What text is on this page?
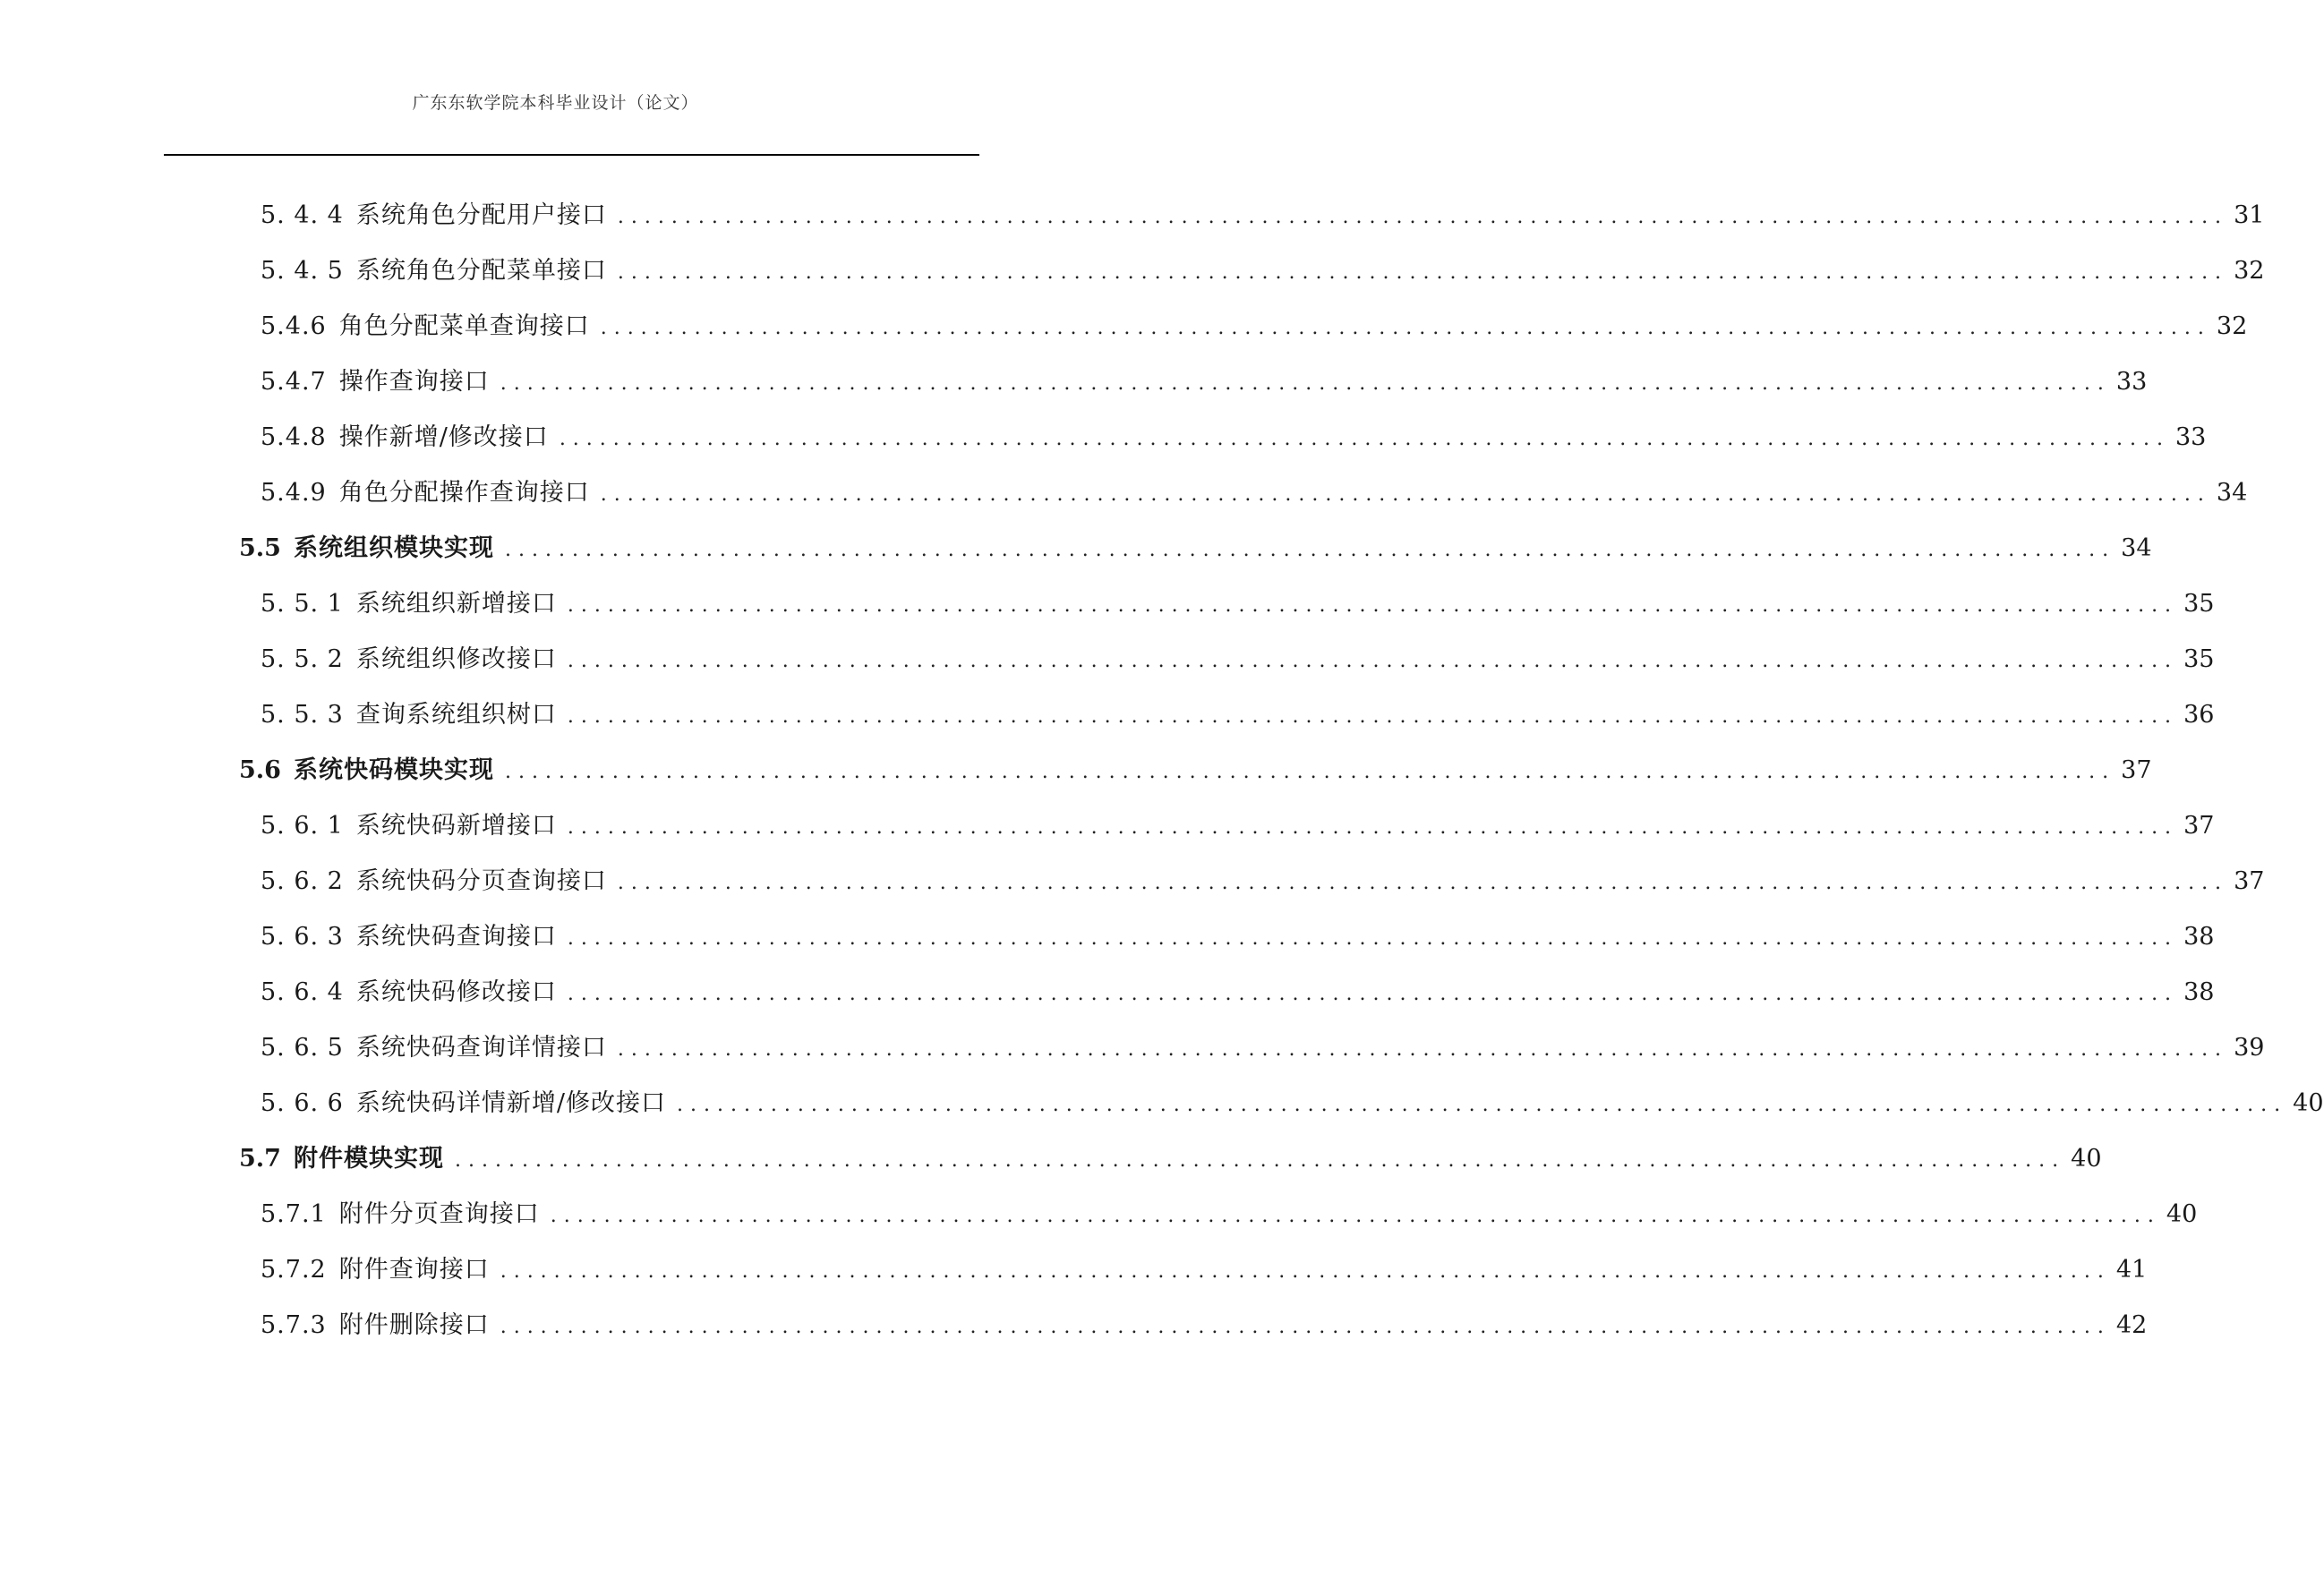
广东东软学院本科毕业设计（论文）
5. 4. 4 系统角色分配用户接口 ........................................................................................................................ 31
5. 4. 5 系统角色分配菜单接口 ........................................................................................................................ 32
5.4.6 角色分配菜单查询接口 ........................................................................................................................ 32
5.4.7 操作查询接口 ........................................................................................................................ 33
5.4.8 操作新增/修改接口 ........................................................................................................................ 33
5.4.9 角色分配操作查询接口 ........................................................................................................................ 34
5.5 系统组织模块实现 ........................................................................................................................ 34
5. 5. 1 系统组织新增接口 ........................................................................................................................ 35
5. 5. 2 系统组织修改接口 ........................................................................................................................ 35
5. 5. 3 查询系统组织树口 ........................................................................................................................ 36
5.6 系统快码模块实现 ........................................................................................................................ 37
5. 6. 1 系统快码新增接口 ........................................................................................................................ 37
5. 6. 2 系统快码分页查询接口 ........................................................................................................................ 37
5. 6. 3 系统快码查询接口 ........................................................................................................................ 38
5. 6. 4 系统快码修改接口 ........................................................................................................................ 38
5. 6. 5 系统快码查询详情接口 ........................................................................................................................ 39
5. 6. 6 系统快码详情新增/修改接口 ........................................................................................................................ 40
5.7 附件模块实现 ........................................................................................................................ 40
5.7.1 附件分页查询接口 ........................................................................................................................ 40
5.7.2 附件查询接口 ........................................................................................................................ 41
5.7.3 附件删除接口 ........................................................................................................................ 42
